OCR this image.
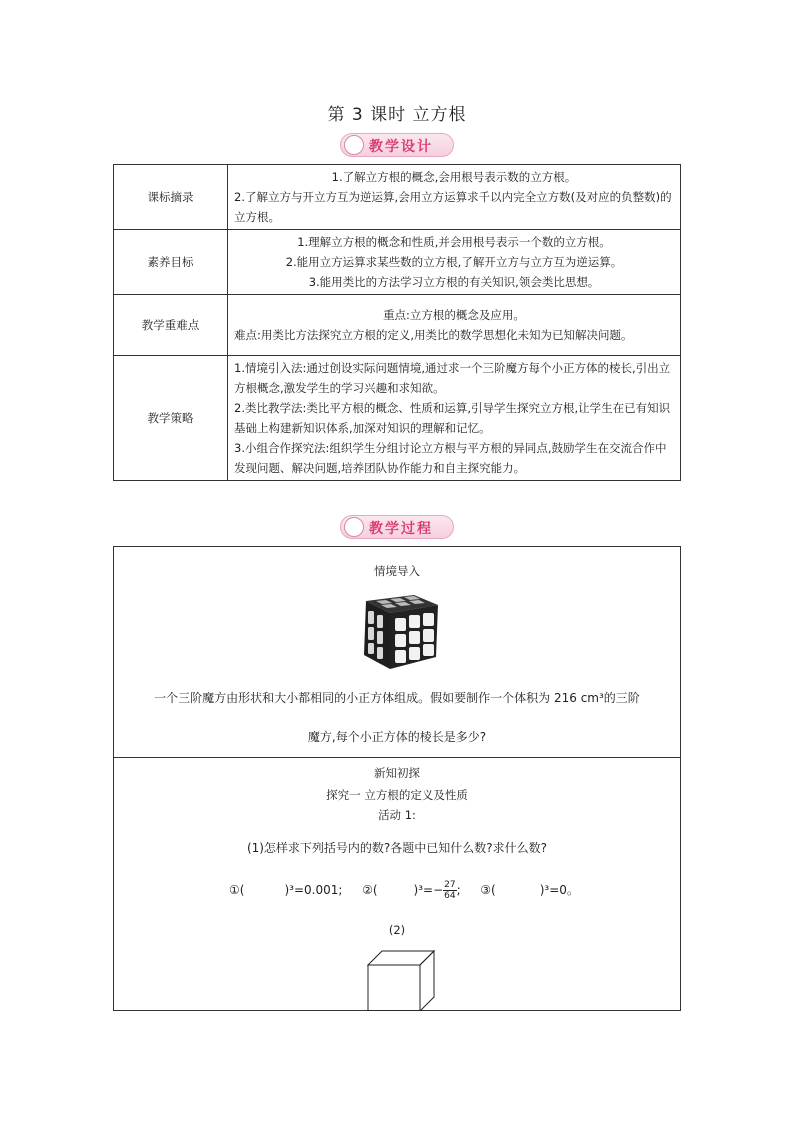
第 3 课时 立方根
教学设计
课标摘录	1.了解立方根的概念,会用根号表示数的立方根。
2.了解立方与开立方互为逆运算,会用立方运算求千以内完全立方数(及对应的负整数)的立方根。

素养目标	1.理解立方根的概念和性质,并会用根号表示一个数的立方根。
2.能用立方运算求某些数的立方根,了解开立方与立方互为逆运算。
3.能用类比的方法学习立方根的有关知识,领会类比思想。

教学重难点	重点:立方根的概念及应用。
难点:用类比方法探究立方根的定义,用类比的数学思想化未知为已知解决问题。

教学策略	1.情境引入法:通过创设实际问题情境,通过求一个三阶魔方每个小正方体的棱长,引出立方根概念,激发学生的学习兴趣和求知欲。
2.类比教学法:类比平方根的概念、性质和运算,引导学生探究立方根,让学生在已有知识基础上构建新知识体系,加深对知识的理解和记忆。
3.小组合作探究法:组织学生分组讨论立方根与平方根的异同点,鼓励学生在交流合作中发现问题、解决问题,培养团队协作能力和自主探究能力。
教学过程
情境导入
一个三阶魔方由形状和大小都相同的小正方体组成。假如要制作一个体积为 216 cm³的三阶
魔方,每个小正方体的棱长是多少?
新知初探
探究一 立方根的定义及性质
活动 1:
(1)怎样求下列括号内的数?各题中已知什么数?求什么数?
①(	)³=0.001; ②(	)$^3=- \frac{27}{64}$ ; ③(	)³=0。
(2)
